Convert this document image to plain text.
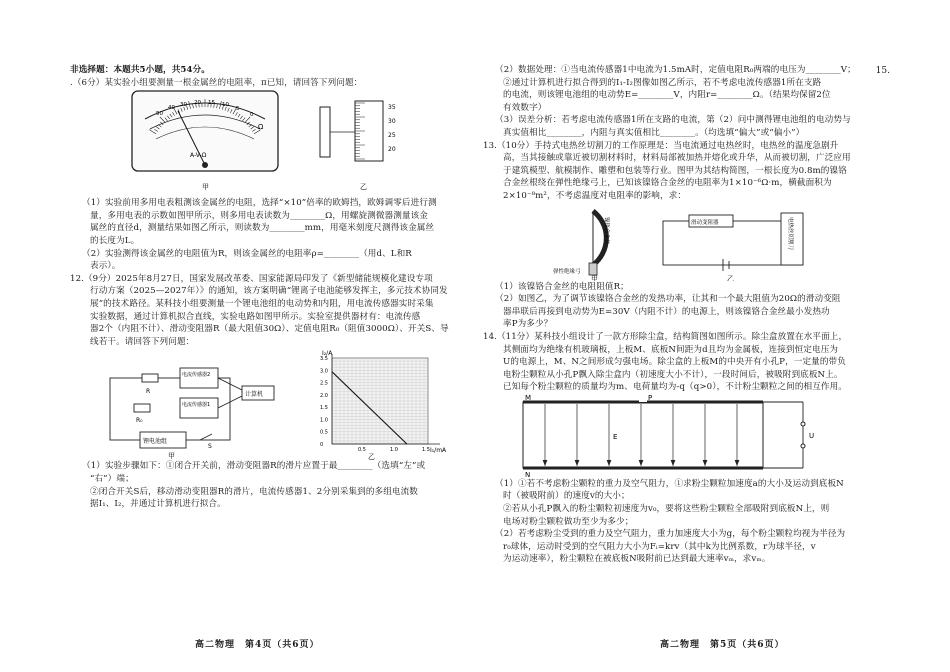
非选择题：本题共5小题，共54分。

.（6分）某实验小组要测量一根金属丝的电阻率，π已知，请回答下列问题：

50
40 30 20 15 10
5
0
Ω
A-V-Ω
甲
35
30
25
20
乙

（1）实验前用多用电表粗测该金属丝的电阻，选择“×10”倍率的欧姆挡，欧姆调零后进行测

量，多用电表的示数如图甲所示，则多用电表读数为________Ω，用螺旋测微器测量该金

属丝的直径d，测量结果如图乙所示，则读数为________mm，用毫米刻度尺测得该金属丝

的长度为L。

（2）实验测得该金属丝的电阻值为R，则该金属丝的电阻率ρ=________（用d、L和R

表示）。

12.（9分）2025年8月27日，国家发展改革委、国家能源局印发了《新型储能规模化建设专项

行动方案（2025—2027年）》的通知，该方案明确“锂离子电池能够发挥主，多元技术协同发

展”的技术路径。某科技小组要测量一个锂电池组的电动势和内阻，用电流传感器实时采集

实验数据，通过计算机拟合直线，实验电路如图甲所示。实验室提供器材有：电流传感

器2个（内阻不计）、滑动变阻器R（最大阻值30Ω）、定值电阻R₀（阻值3000Ω）、开关S、导

线若干。请回答下列问题：

R
电流传感器2
电流传感器1
计算机
R₀
锂电池组
S
甲
3.5
3.0
2.5
2.0
1.5
1.0
0.5
0
0.5	1.0	1.5
I₂/A
I₁/mA
乙

（1）实验步骤如下：①闭合开关前，滑动变阻器R的滑片应置于最________（选填“左”或

“右”）端；

②闭合开关S后，移动滑动变阻器R的滑片，电流传感器1、2分别采集到的多组电流数

据I₁、I₂，并通过计算机进行拟合。

高二物理　第4页（共6页）
15.

（2）数据处理：①当电流传感器1中电流为1.5mA时，定值电阻R₀两端的电压为________V；

②通过计算机进行拟合得到的I₁-I₂图像如图乙所示，若不考虑电流传感器1所在支路

的电流，则该锂电池组的电动势E=________V，内阻r=________Ω。（结果均保留2位

有效数字）

（3）误差分析：若考虑电流传感器1所在支路的电流，第（2）问中测得锂电池组的电动势与

真实值相比________，内阻与真实值相比________。（均选填“偏大”或“偏小”）

13.（10分）手持式电热丝切割刀的工作原理是：当电流通过电热丝时，电热丝的温度急剧升

高，当其接触或靠近被切割材料时，材料局部被加热并熔化或升华，从而被切割，广泛应用

于建筑模型、航模制作、雕塑和包装等行业。图甲为其结构简图，一根长度为0.8m的镍铬

合金丝根绕在弹性绝缘弓上，已知该镍铬合金丝的电阻率为1×10⁻⁶Ω·m，横截面积为

2×10⁻⁸m²，不考虑温度对电阻率的影响，求：

镍铬合金丝
弹性绝缘弓
甲
滑动变阻器	电热丝切割刀
乙

（1）该镍铬合金丝的电阻阻值R；

（2）如图乙，为了调节该镍铬合金丝的发热功率，让其和一个最大阻值为20Ω的滑动变阻

器串联后再接到电动势为E=30V（内阻不计）的电源上，则该镍铬合金丝最小发热功

率P为多少？

14.（11分）某科技小组设计了一款方形除尘盒，结构简图如图所示。除尘盒放置在水平面上，

其侧面均为绝缘有机玻璃板，上板M、底板N间距为d且均为金属板，连接到恒定电压为

U的电源上，M、N之间形成匀强电场。除尘盒的上板M的中央开有小孔P，一定量的带负

电粉尘颗粒从小孔P飘入除尘盒内（初速度大小不计），一段时间后，被吸附到底板N上。

已知每个粉尘颗粒的质量均为m、电荷量均为-q（q>0），不计粉尘颗粒之间的相互作用。

M
N
P
E	U

（1）①若不考虑粉尘颗粒的重力及空气阻力，①求粉尘颗粒加速度a的大小及运动到底板N

时（被吸附前）的速度v的大小；

②若从小孔P飘入的粉尘颗粒初速度为v₀，要将这些粉尘颗粒全部吸附到底板N上，则

电场对粉尘颗粒做功至少为多少；

（2）若考虑粉尘受到的重力及空气阻力，重力加速度大小为g，每个粉尘颗粒均视为半径为

r₀球体，运动时受到的空气阻力大小为Fᵢ=krv（其中k为比例系数，r为球半径，v

为运动速率），粉尘颗粒在被底板N吸附前已达到最大速率vₘ，求vₘ。

高二物理　第5页（共6页）
